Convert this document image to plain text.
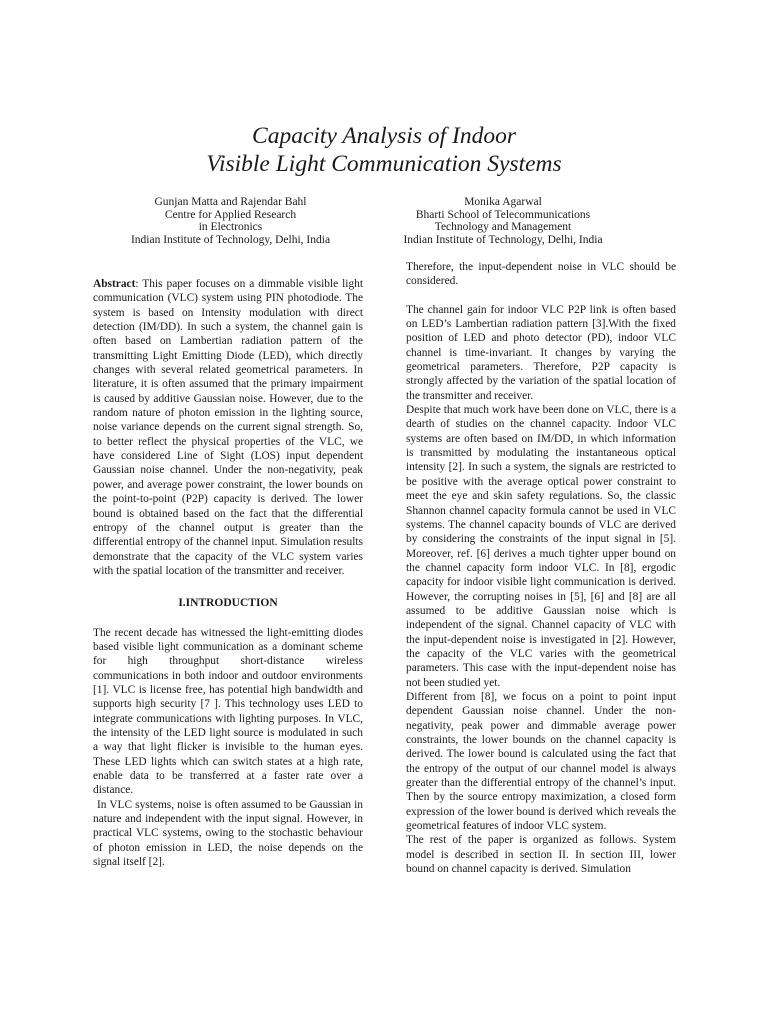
Capacity Analysis of Indoor
Visible Light Communication Systems
Gunjan Matta and Rajendar Bahl
Centre for Applied Research
in Electronics
Indian Institute of Technology, Delhi, India
Monika Agarwal
Bharti School of Telecommunications
Technology and Management
Indian Institute of Technology, Delhi, India

Abstract: This paper focuses on a dimmable visible light communication (VLC) system using PIN photodiode. The system is based on Intensity modulation with direct detection (IM/DD). In such a system, the channel gain is often based on Lambertian radiation pattern of the transmitting Light Emitting Diode (LED), which directly changes with several related geometrical parameters. In literature, it is often assumed that the primary impairment is caused by additive Gaussian noise. However, due to the random nature of photon emission in the lighting source, noise variance depends on the current signal strength. So, to better reflect the physical properties of the VLC, we have considered Line of Sight (LOS) input dependent Gaussian noise channel. Under the non-negativity, peak power, and average power constraint, the lower bounds on the point-to-point (P2P) capacity is derived. The lower bound is obtained based on the fact that the differential entropy of the channel output is greater than the differential entropy of the channel input. Simulation results demonstrate that the capacity of the VLC system varies with the spatial location of the transmitter and receiver.

I.INTRODUCTION

The recent decade has witnessed the light-emitting diodes based visible light communication as a dominant scheme for high throughput short-distance wireless communications in both indoor and outdoor environments [1]. VLC is license free, has potential high bandwidth and supports high security [7 ]. This technology uses LED to integrate communications with lighting purposes. In VLC, the intensity of the LED light source is modulated in such a way that light flicker is invisible to the human eyes. These LED lights which can switch states at a high rate, enable data to be transferred at a faster rate over a distance.

In VLC systems, noise is often assumed to be Gaussian in nature and independent with the input signal. However, in practical VLC systems, owing to the stochastic behaviour of photon emission in LED, the noise depends on the signal itself [2].

Therefore, the input-dependent noise in VLC should be considered.

The channel gain for indoor VLC P2P link is often based on LED’s Lambertian radiation pattern [3].With the fixed position of LED and photo detector (PD), indoor VLC channel is time-invariant. It changes by varying the geometrical parameters. Therefore, P2P capacity is strongly affected by the variation of the spatial location of the transmitter and receiver.

Despite that much work have been done on VLC, there is a dearth of studies on the channel capacity. Indoor VLC systems are often based on IM/DD, in which information is transmitted by modulating the instantaneous optical intensity [2]. In such a system, the signals are restricted to be positive with the average optical power constraint to meet the eye and skin safety regulations. So, the classic Shannon channel capacity formula cannot be used in VLC systems. The channel capacity bounds of VLC are derived by considering the constraints of the input signal in [5]. Moreover, ref. [6] derives a much tighter upper bound on the channel capacity form indoor VLC. In [8], ergodic capacity for indoor visible light communication is derived. However, the corrupting noises in [5], [6] and [8] are all assumed to be additive Gaussian noise which is independent of the signal. Channel capacity of VLC with the input-dependent noise is investigated in [2]. However, the capacity of the VLC varies with the geometrical parameters. This case with the input-dependent noise has not been studied yet.

Different from [8], we focus on a point to point input dependent Gaussian noise channel. Under the non-negativity, peak power and dimmable average power constraints, the lower bounds on the channel capacity is derived. The lower bound is calculated using the fact that the entropy of the output of our channel model is always greater than the differential entropy of the channel’s input. Then by the source entropy maximization, a closed form expression of the lower bound is derived which reveals the geometrical features of indoor VLC system.

The rest of the paper is organized as follows. System model is described in section II. In section III, lower bound on channel capacity is derived. Simulation
